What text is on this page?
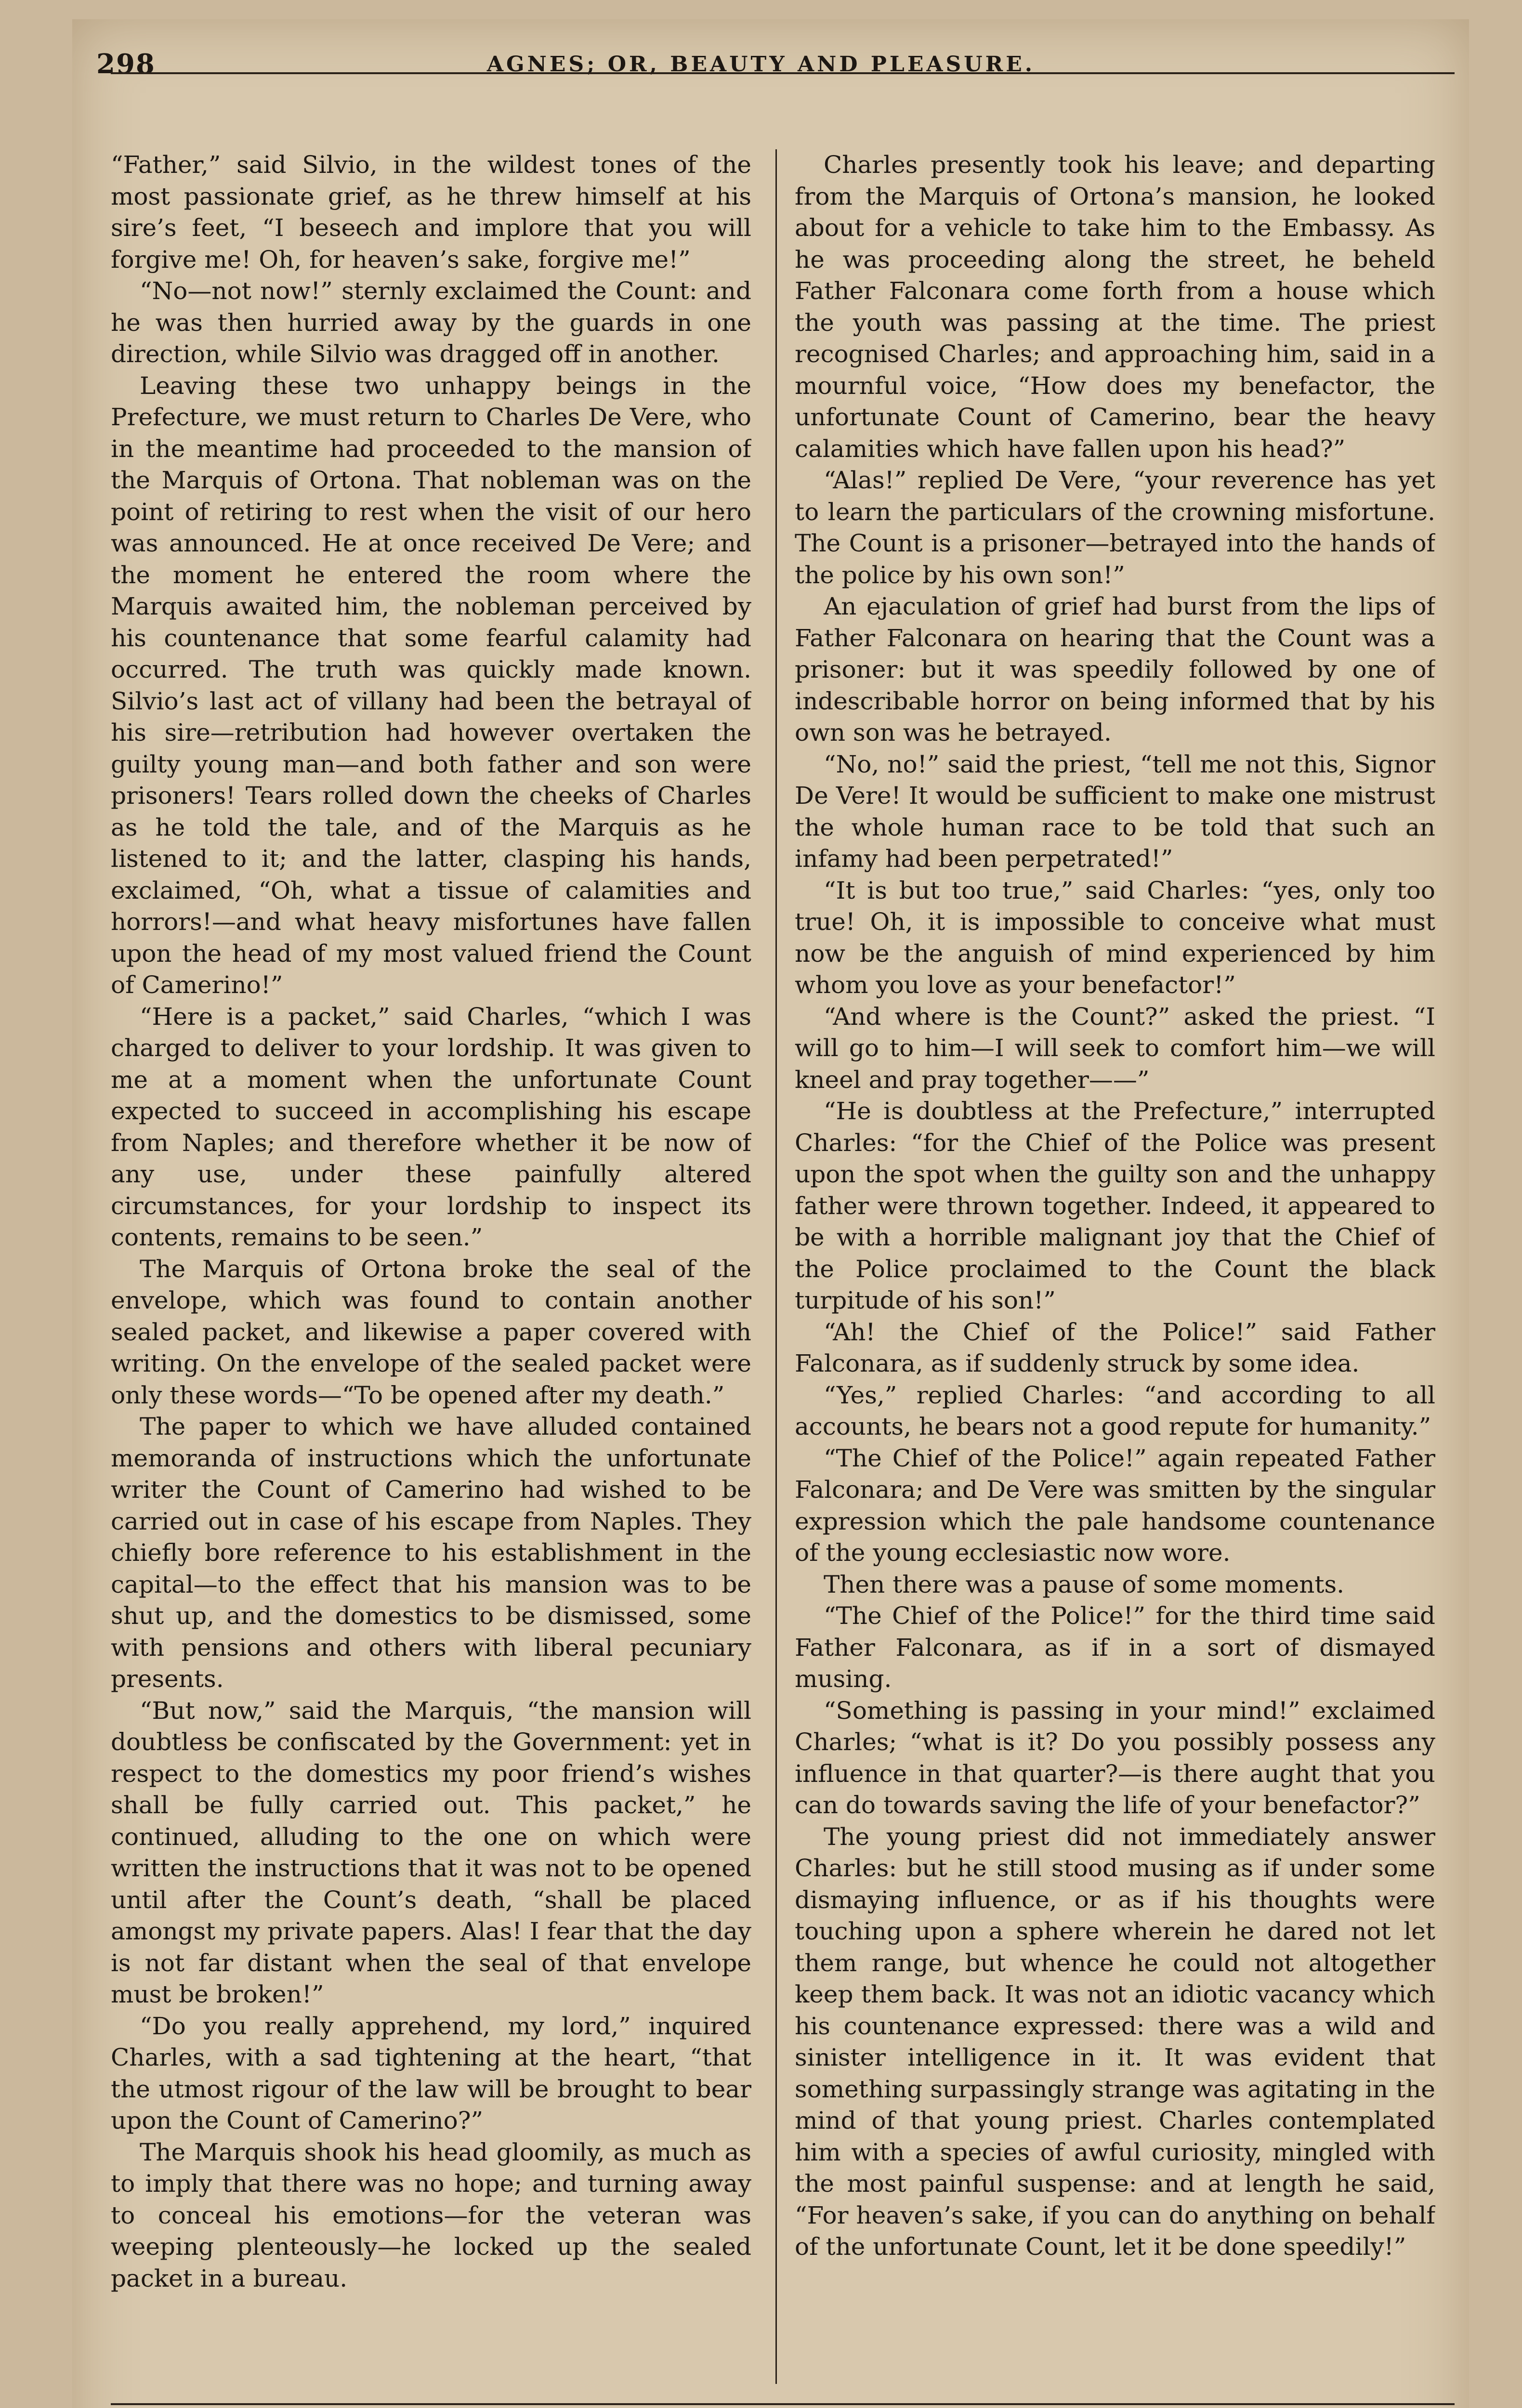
298	AGNES; OR, BEAUTY AND PLEASURE.

“Father,” said Silvio, in the wildest tones of the most passionate grief, as he threw himself at his sire’s feet, “I beseech and implore that you will forgive me! Oh, for heaven’s sake, forgive me!”

“No—not now!” sternly exclaimed the Count: and he was then hurried away by the guards in one direction, while Silvio was dragged off in another.

Leaving these two unhappy beings in the Prefecture, we must return to Charles De Vere, who in the meantime had proceeded to the mansion of the Marquis of Ortona. That nobleman was on the point of retiring to rest when the visit of our hero was announced. He at once received De Vere; and the moment he entered the room where the Marquis awaited him, the nobleman perceived by his countenance that some fearful calamity had occurred. The truth was quickly made known. Silvio’s last act of villany had been the betrayal of his sire—retribution had however overtaken the guilty young man—and both father and son were prisoners! Tears rolled down the cheeks of Charles as he told the tale, and of the Marquis as he listened to it; and the latter, clasping his hands, exclaimed, “Oh, what a tissue of calamities and horrors!—and what heavy misfortunes have fallen upon the head of my most valued friend the Count of Camerino!”

“Here is a packet,” said Charles, “which I was charged to deliver to your lordship. It was given to me at a moment when the unfortunate Count expected to succeed in accomplishing his escape from Naples; and therefore whether it be now of any use, under these painfully altered circumstances, for your lordship to inspect its contents, remains to be seen.”

The Marquis of Ortona broke the seal of the envelope, which was found to contain another sealed packet, and likewise a paper covered with writing. On the envelope of the sealed packet were only these words—“To be opened after my death.”

The paper to which we have alluded contained memoranda of instructions which the unfortunate writer the Count of Camerino had wished to be carried out in case of his escape from Naples. They chiefly bore reference to his establishment in the capital—to the effect that his mansion was to be shut up, and the domestics to be dismissed, some with pensions and others with liberal pecuniary presents.

“But now,” said the Marquis, “the mansion will doubtless be confiscated by the Government: yet in respect to the domestics my poor friend’s wishes shall be fully carried out. This packet,” he continued, alluding to the one on which were written the instructions that it was not to be opened until after the Count’s death, “shall be placed amongst my private papers. Alas! I fear that the day is not far distant when the seal of that envelope must be broken!”

“Do you really apprehend, my lord,” inquired Charles, with a sad tightening at the heart, “that the utmost rigour of the law will be brought to bear upon the Count of Camerino?”

The Marquis shook his head gloomily, as much as to imply that there was no hope; and turning away to conceal his emotions—for the veteran was weeping plenteously—he locked up the sealed packet in a bureau.

Charles presently took his leave; and departing from the Marquis of Ortona’s mansion, he looked about for a vehicle to take him to the Embassy. As he was proceeding along the street, he beheld Father Falconara come forth from a house which the youth was passing at the time. The priest recognised Charles; and approaching him, said in a mournful voice, “How does my benefactor, the unfortunate Count of Camerino, bear the heavy calamities which have fallen upon his head?”

“Alas!” replied De Vere, “your reverence has yet to learn the particulars of the crowning misfortune. The Count is a prisoner—betrayed into the hands of the police by his own son!”

An ejaculation of grief had burst from the lips of Father Falconara on hearing that the Count was a prisoner: but it was speedily followed by one of indescribable horror on being informed that by his own son was he betrayed.

“No, no!” said the priest, “tell me not this, Signor De Vere! It would be sufficient to make one mistrust the whole human race to be told that such an infamy had been perpetrated!”

“It is but too true,” said Charles: “yes, only too true! Oh, it is impossible to conceive what must now be the anguish of mind experienced by him whom you love as your benefactor!”

“And where is the Count?” asked the priest. “I will go to him—I will seek to comfort him—we will kneel and pray together——”

“He is doubtless at the Prefecture,” interrupted Charles: “for the Chief of the Police was present upon the spot when the guilty son and the unhappy father were thrown together. Indeed, it appeared to be with a horrible malignant joy that the Chief of the Police proclaimed to the Count the black turpitude of his son!”

“Ah! the Chief of the Police!” said Father Falconara, as if suddenly struck by some idea.

“Yes,” replied Charles: “and according to all accounts, he bears not a good repute for humanity.”

“The Chief of the Police!” again repeated Father Falconara; and De Vere was smitten by the singular expression which the pale handsome countenance of the young ecclesiastic now wore.

Then there was a pause of some moments.

“The Chief of the Police!” for the third time said Father Falconara, as if in a sort of dismayed musing.

“Something is passing in your mind!” exclaimed Charles; “what is it? Do you possibly possess any influence in that quarter?—is there aught that you can do towards saving the life of your benefactor?”

The young priest did not immediately answer Charles: but he still stood musing as if under some dismaying influence, or as if his thoughts were touching upon a sphere wherein he dared not let them range, but whence he could not altogether keep them back. It was not an idiotic vacancy which his countenance expressed: there was a wild and sinister intelligence in it. It was evident that something surpassingly strange was agitating in the mind of that young priest. Charles contemplated him with a species of awful curiosity, mingled with the most painful suspense: and at length he said, “For heaven’s sake, if you can do anything on behalf of the unfortunate Count, let it be done speedily!”
